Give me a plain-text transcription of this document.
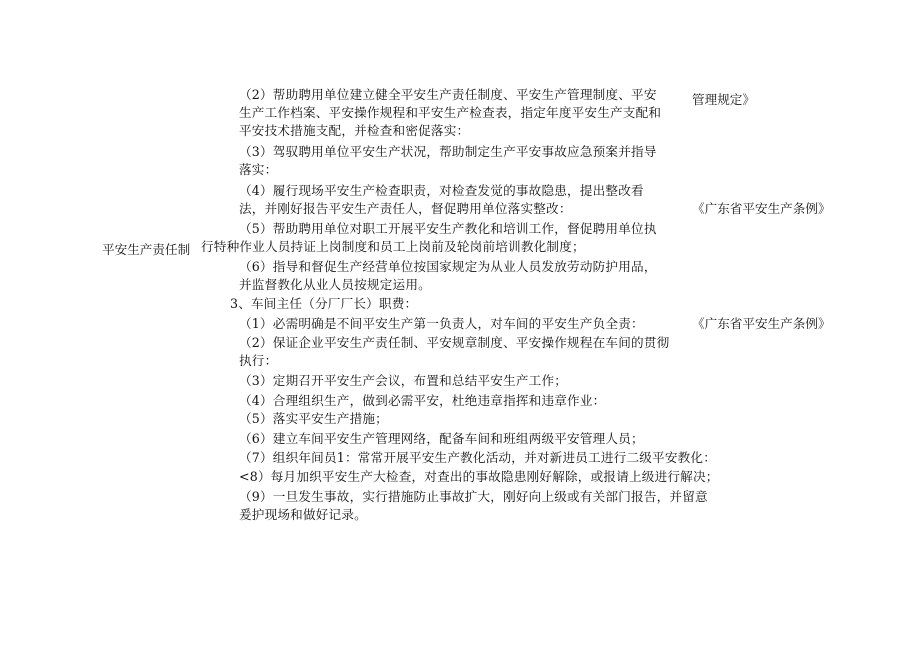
平安生产责任制
（2）帮助聘用单位建立健全平安生产责任制度、平安生产管理制度、平安
生产工作档案、平安操作规程和平安生产检查表，指定年度平安生产支配和
平安技术措施支配，并检查和密促落实：
（3）驾驭聘用单位平安生产状况，帮助制定生产平安事故应急预案并指导
落实：
（4）履行现场平安生产检查职责，对检查发觉的事故隐患，提出整改看
法，并刚好报告平安生产责任人，督促聘用单位落实整改：
（5）帮助聘用单位对职工开展平安生产教化和培训工作，督促聘用单位执
行特种作业人员持证上岗制度和员工上岗前及轮岗前培训教化制度；
（6）指导和督促生产经营单位按国家规定为从业人员发放劳动防护用品，
并监督教化从业人员按规定运用。
3、车间主任（分厂厂长）职费：
（1）必需明确是不间平安生产第一负责人，对车间的平安生产负全责：
（2）保证企业平安生产责任制、平安规章制度、平安操作规程在车间的贯彻
执行：
（3）定期召开平安生产会议，布置和总结平安生产工作；
（4）合理组织生产，做到必需平安，杜绝违章指挥和违章作业：
（5）落实平安生产措施；
（6）建立车间平安生产管理网络，配备车间和班组两级平安管理人员；
（7）组织年间员1：常常开展平安生产教化活动，并对新进员工进行二级平安教化：
<8）每月加织平安生产大检查，对查出的事故隐患刚好解除，或报请上级进行解决；
（9）一旦发生事故，实行措施防止事故扩大，刚好向上级或有关部门报告，并留意
爰护现场和做好记录。
管理规定》
《广东省平安生产条例》
《广东省平安生产条例》
